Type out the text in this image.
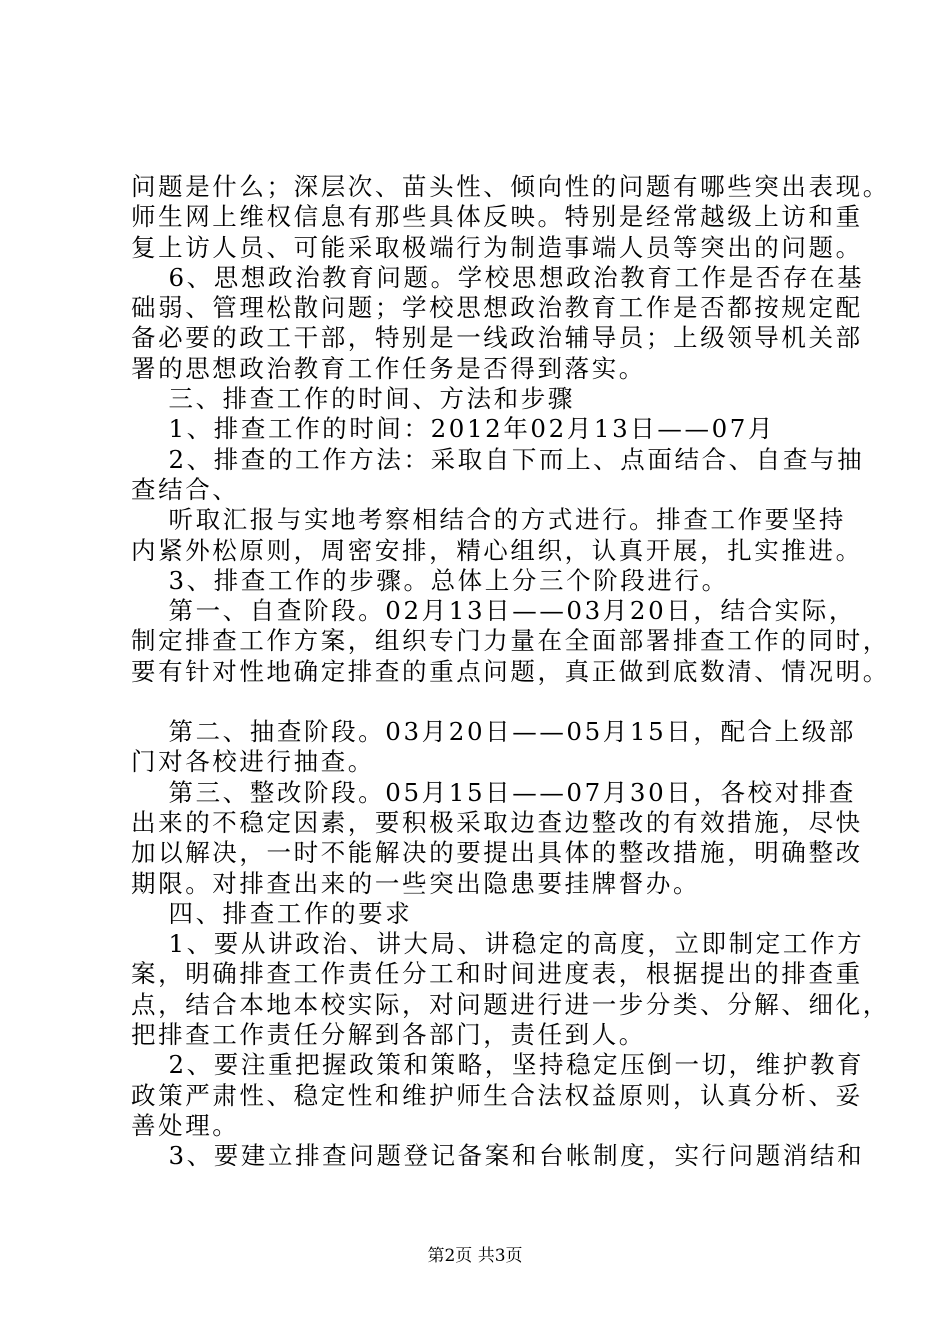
问题是什么；深层次、苗头性、倾向性的问题有哪些突出表现。

师生网上维权信息有那些具体反映。特别是经常越级上访和重

复上访人员、可能采取极端行为制造事端人员等突出的问题。

　 6、思想政治教育问题。学校思想政治教育工作是否存在基

础弱、管理松散问题；学校思想政治教育工作是否都按规定配

备必要的政工干部，特别是一线政治辅导员；上级领导机关部

署的思想政治教育工作任务是否得到落实。

　 三、排查工作的时间、方法和步骤

　 1、排查工作的时间：2012年02月13日——07月

　 2、排查的工作方法：采取自下而上、点面结合、自查与抽

查结合、

　 听取汇报与实地考察相结合的方式进行。排查工作要坚持

内紧外松原则，周密安排，精心组织，认真开展，扎实推进。

　 3、排查工作的步骤。总体上分三个阶段进行。

　 第一、自查阶段。02月13日——03月20日，结合实际，

制定排查工作方案，组织专门力量在全面部署排查工作的同时，

要有针对性地确定排查的重点问题，真正做到底数清、情况明。

　 第二、抽查阶段。03月20日——05月15日，配合上级部

门对各校进行抽查。

　 第三、整改阶段。05月15日——07月30日，各校对排查

出来的不稳定因素，要积极采取边查边整改的有效措施，尽快

加以解决，一时不能解决的要提出具体的整改措施，明确整改

期限。对排查出来的一些突出隐患要挂牌督办。

　 四、排查工作的要求

　 1、要从讲政治、讲大局、讲稳定的高度，立即制定工作方

案，明确排查工作责任分工和时间进度表，根据提出的排查重

点，结合本地本校实际，对问题进行进一步分类、分解、细化，

把排查工作责任分解到各部门，责任到人。

　 2、要注重把握政策和策略，坚持稳定压倒一切，维护教育

政策严肃性、稳定性和维护师生合法权益原则，认真分析、妥

善处理。

　 3、要建立排查问题登记备案和台帐制度，实行问题消结和

第2页 共3页
